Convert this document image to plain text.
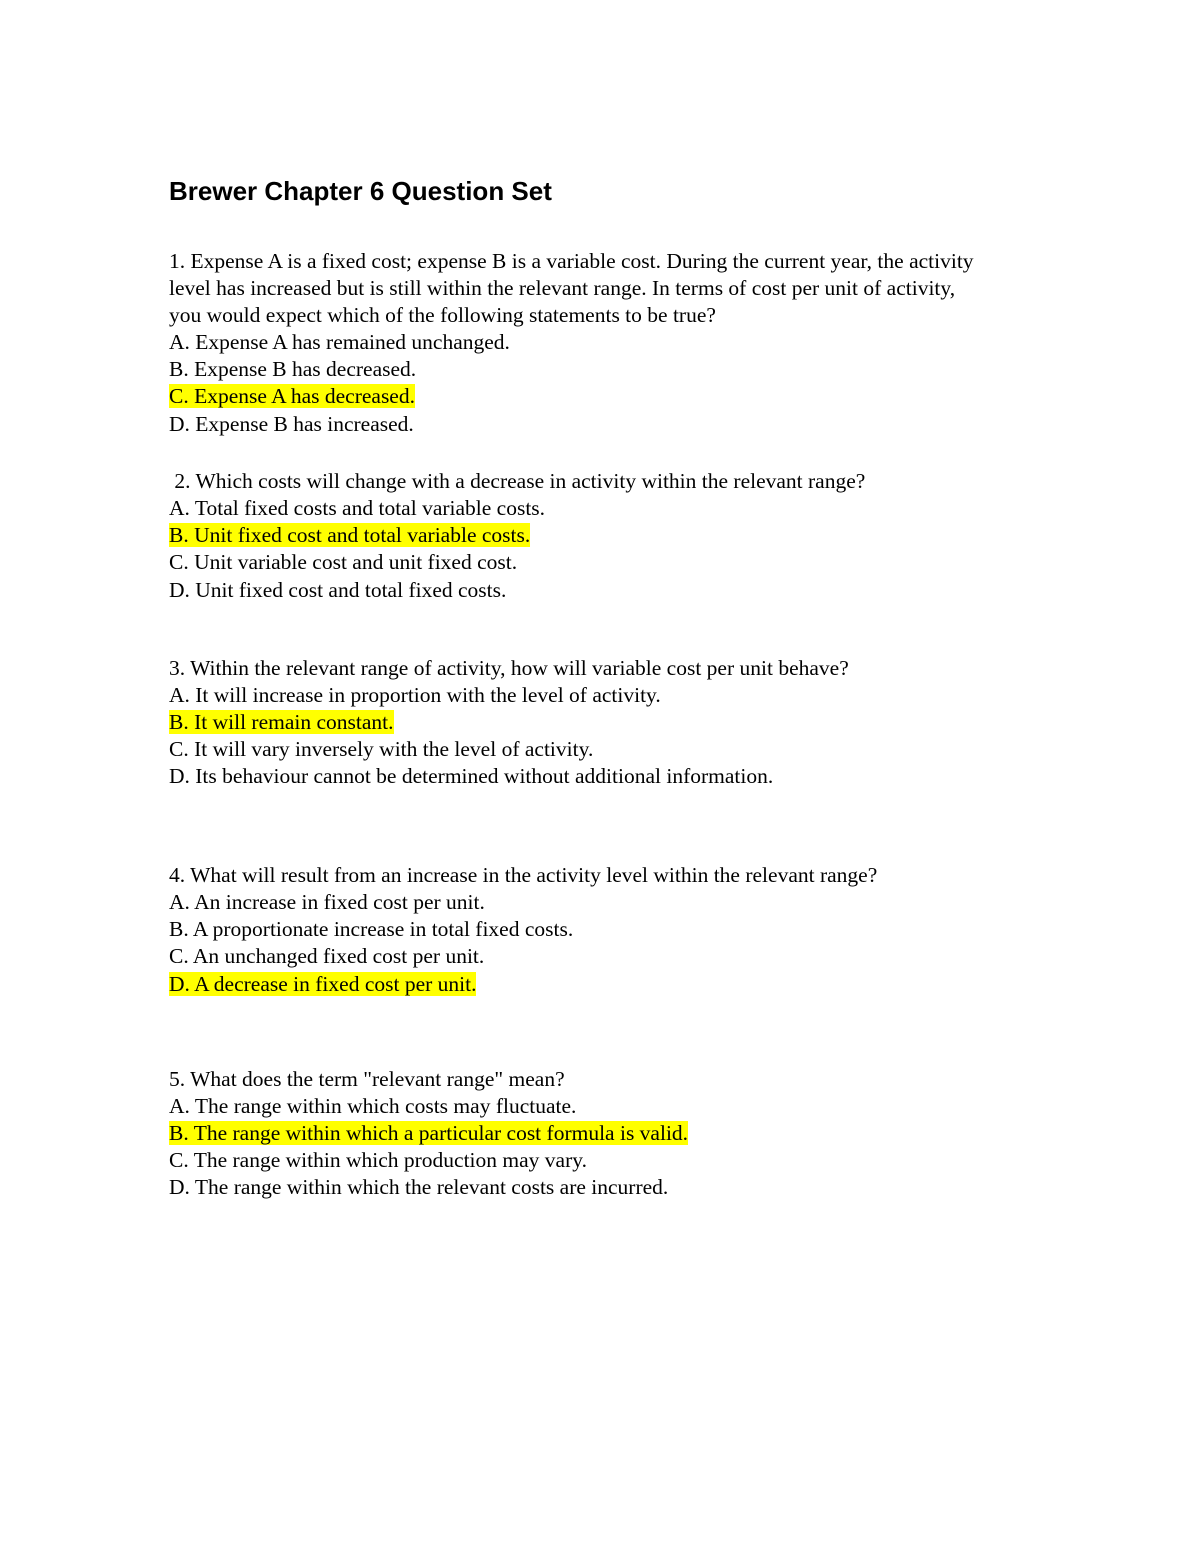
Brewer Chapter 6 Question Set
1. Expense A is a fixed cost; expense B is a variable cost. During the current year, the activity
level has increased but is still within the relevant range. In terms of cost per unit of activity,
you would expect which of the following statements to be true?
A. Expense A has remained unchanged.
B. Expense B has decreased.
C. Expense A has decreased.
D. Expense B has increased.
2. Which costs will change with a decrease in activity within the relevant range?
A. Total fixed costs and total variable costs.
B. Unit fixed cost and total variable costs.
C. Unit variable cost and unit fixed cost.
D. Unit fixed cost and total fixed costs.
3. Within the relevant range of activity, how will variable cost per unit behave?
A. It will increase in proportion with the level of activity.
B. It will remain constant.
C. It will vary inversely with the level of activity.
D. Its behaviour cannot be determined without additional information.
4. What will result from an increase in the activity level within the relevant range?
A. An increase in fixed cost per unit.
B. A proportionate increase in total fixed costs.
C. An unchanged fixed cost per unit.
D. A decrease in fixed cost per unit.
5. What does the term "relevant range" mean?
A. The range within which costs may fluctuate.
B. The range within which a particular cost formula is valid.
C. The range within which production may vary.
D. The range within which the relevant costs are incurred.
